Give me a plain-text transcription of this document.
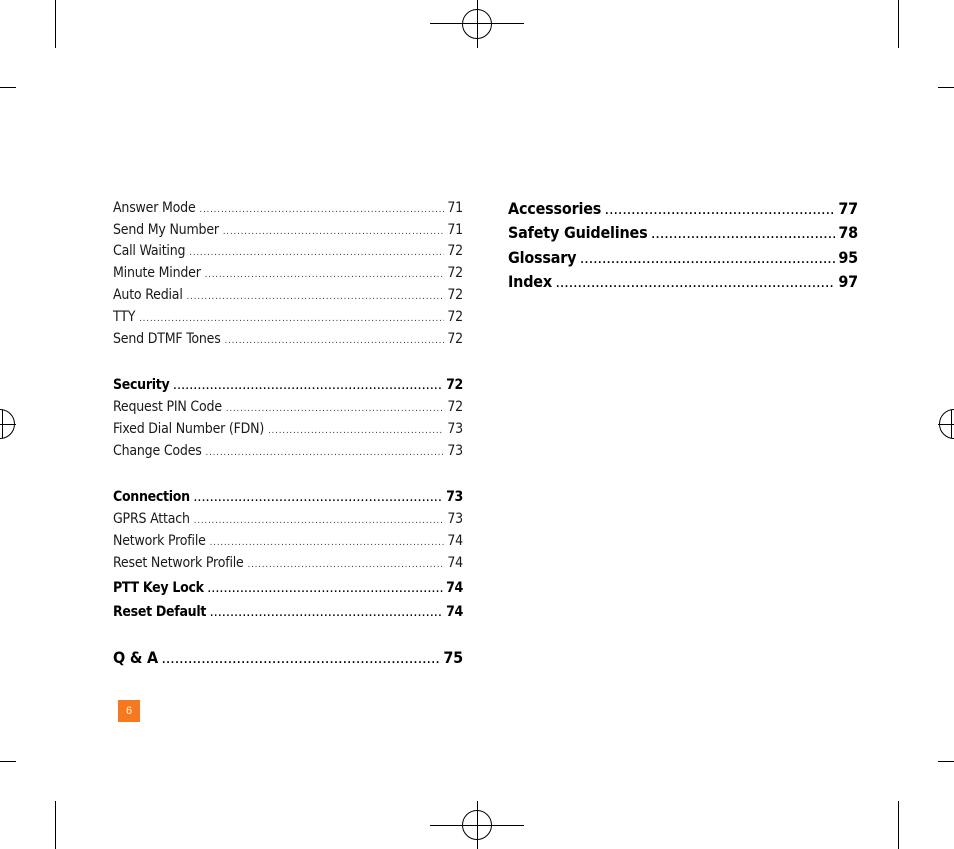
6
Answer Mode .....	71
Send My Number .....	71
Call Waiting .....	72
Minute Minder .....	72
Auto Redial .....	72
TTY .....	72
Send DTMF Tones .....	72
Security .....	72
Request PIN Code .....	72
Fixed Dial Number (FDN) .....	73
Change Codes .....	73
Connection .....	73
GPRS Attach .....	73
Network Profile .....	74
Reset Network Profile .....	74
PTT Key Lock .....	74
Reset Default .....	74
Q & A .....	75
Accessories .....	77
Safety Guidelines .....	78
Glossary .....	95
Index .....	97
